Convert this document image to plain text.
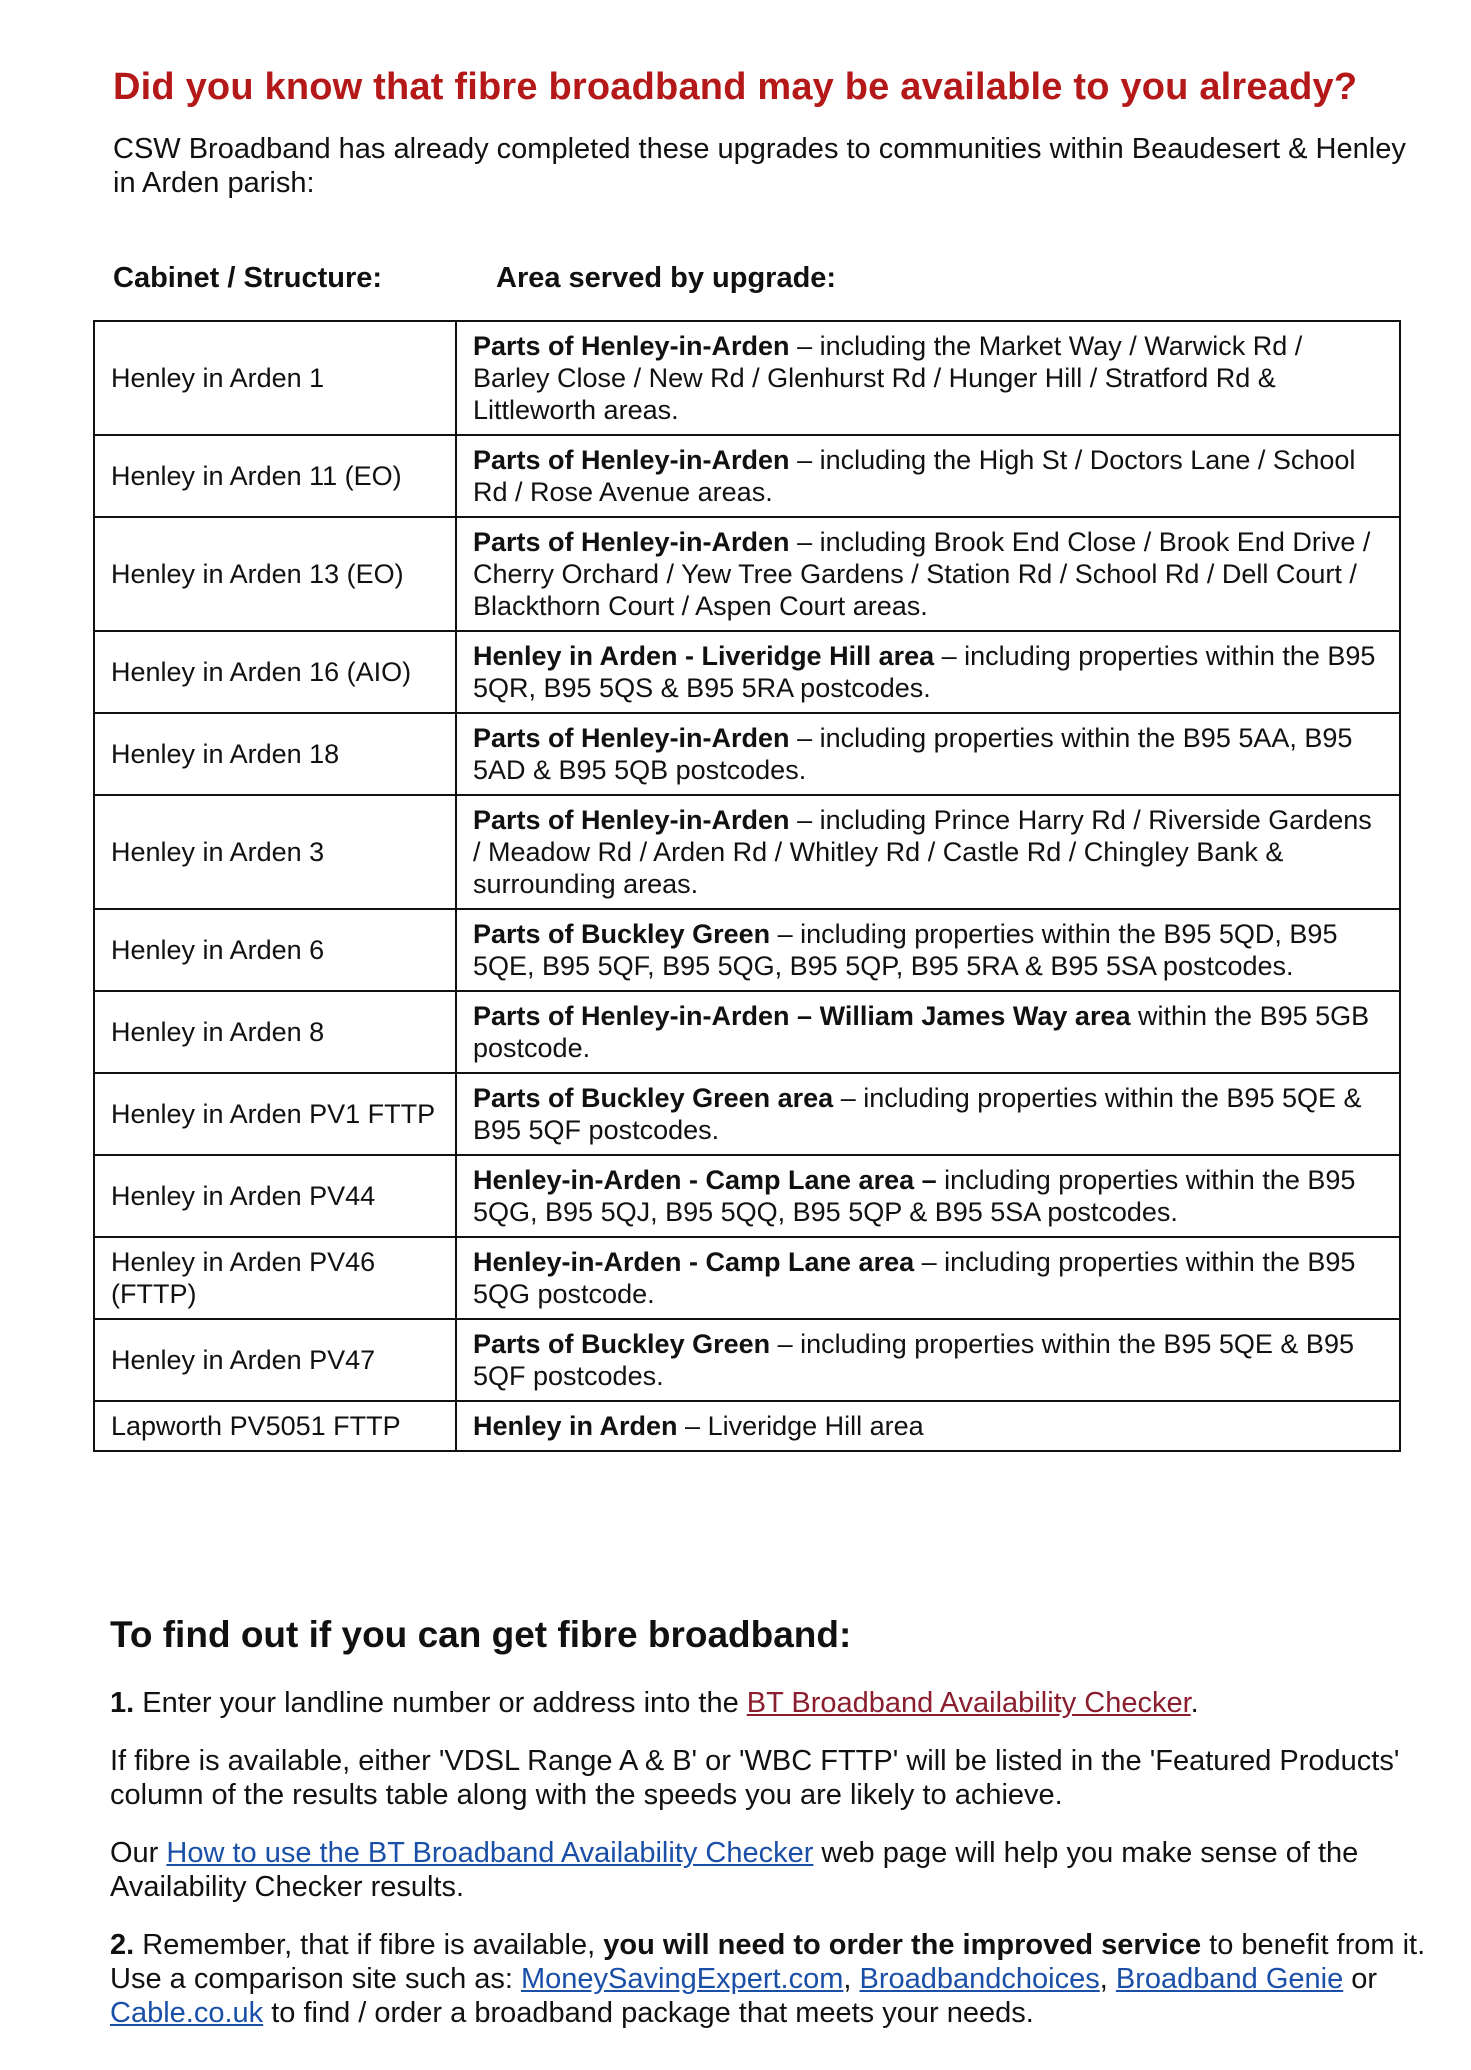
Did you know that fibre broadband may be available to you already?

CSW Broadband has already completed these upgrades to communities within Beaudesert & Henley in Arden parish:

Cabinet / Structure:	Area served by upgrade:

Henley in Arden 1	Parts of Henley-in-Arden – including the Market Way / Warwick Rd / Barley Close / New Rd / Glenhurst Rd / Hunger Hill / Stratford Rd & Littleworth areas.
Henley in Arden 11 (EO)	Parts of Henley-in-Arden – including the High St / Doctors Lane / School Rd / Rose Avenue areas.
Henley in Arden 13 (EO)	Parts of Henley-in-Arden – including Brook End Close / Brook End Drive / Cherry Orchard / Yew Tree Gardens / Station Rd / School Rd / Dell Court / Blackthorn Court / Aspen Court areas.
Henley in Arden 16 (AIO)	Henley in Arden - Liveridge Hill area – including properties within the B95 5QR, B95 5QS & B95 5RA postcodes.
Henley in Arden 18	Parts of Henley-in-Arden – including properties within the B95 5AA, B95 5AD & B95 5QB postcodes.
Henley in Arden 3	Parts of Henley-in-Arden – including Prince Harry Rd / Riverside Gardens / Meadow Rd / Arden Rd / Whitley Rd / Castle Rd / Chingley Bank & surrounding areas.
Henley in Arden 6	Parts of Buckley Green – including properties within the B95 5QD, B95 5QE, B95 5QF, B95 5QG, B95 5QP, B95 5RA & B95 5SA postcodes.
Henley in Arden 8	Parts of Henley-in-Arden – William James Way area within the B95 5GB postcode.
Henley in Arden PV1 FTTP	Parts of Buckley Green area – including properties within the B95 5QE & B95 5QF postcodes.
Henley in Arden PV44	Henley-in-Arden - Camp Lane area – including properties within the B95 5QG, B95 5QJ, B95 5QQ, B95 5QP & B95 5SA postcodes.
Henley in Arden PV46 (FTTP)	Henley-in-Arden - Camp Lane area – including properties within the B95 5QG postcode.
Henley in Arden PV47	Parts of Buckley Green – including properties within the B95 5QE & B95 5QF postcodes.
Lapworth PV5051 FTTP	Henley in Arden – Liveridge Hill area
To find out if you can get fibre broadband:

1. Enter your landline number or address into the BT Broadband Availability Checker.

If fibre is available, either 'VDSL Range A & B' or 'WBC FTTP' will be listed in the 'Featured Products' column of the results table along with the speeds you are likely to achieve.

Our How to use the BT Broadband Availability Checker web page will help you make sense of the Availability Checker results.

2. Remember, that if fibre is available, you will need to order the improved service to benefit from it. Use a comparison site such as: MoneySavingExpert.com, Broadbandchoices, Broadband Genie or Cable.co.uk to find / order a broadband package that meets your needs.
